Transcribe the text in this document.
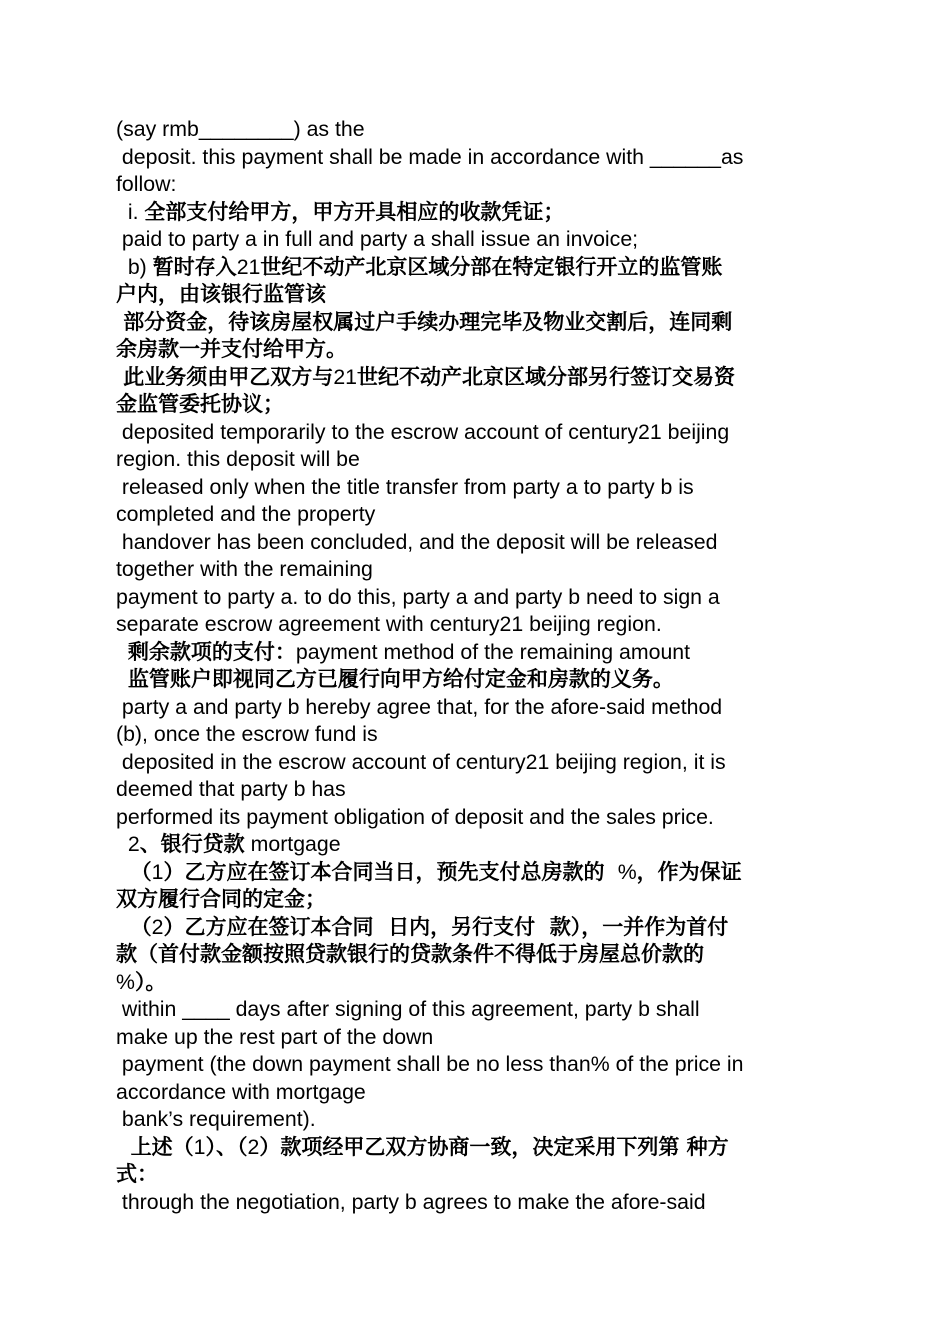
(say rmb________) as the
deposit. this payment shall be made in accordance with ______as
follow:
i. 全部支付给甲方，甲方开具相应的收款凭证；
paid to party a in full and party a shall issue an invoice;
b) 暂时存入21世纪不动产北京区域分部在特定银行开立的监管账
户内，由该银行监管该
部分资金，待该房屋权属过户手续办理完毕及物业交割后，连同剩
余房款一并支付给甲方。
此业务须由甲乙双方与21世纪不动产北京区域分部另行签订交易资
金监管委托协议；
deposited temporarily to the escrow account of century21 beijing
region. this deposit will be
released only when the title transfer from party a to party b is
completed and the property
handover has been concluded, and the deposit will be released
together with the remaining
payment to party a. to do this, party a and party b need to sign a
separate escrow agreement with century21 beijing region.
剩余款项的支付：payment method of the remaining amount
监管账户即视同乙方已履行向甲方给付定金和房款的义务。
party a and party b hereby agree that, for the afore-said method
(b), once the escrow fund is
deposited in the escrow account of century21 beijing region, it is
deemed that party b has
performed its payment obligation of deposit and the sales price.
2、银行贷款 mortgage
（1）乙方应在签订本合同当日，预先支付总房款的  %，作为保证
双方履行合同的定金；
（2）乙方应在签订本合同  日内，另行支付  款），一并作为首付
款（首付款金额按照贷款银行的贷款条件不得低于房屋总价款的
%）。
within ____ days after signing of this agreement, party b shall
make up the rest part of the down
payment (the down payment shall be no less than% of the price in
accordance with mortgage
bank’s requirement).
上述（1）、（2）款项经甲乙双方协商一致，决定采用下列第 种方
式：
through the negotiation, party b agrees to make the afore-said
